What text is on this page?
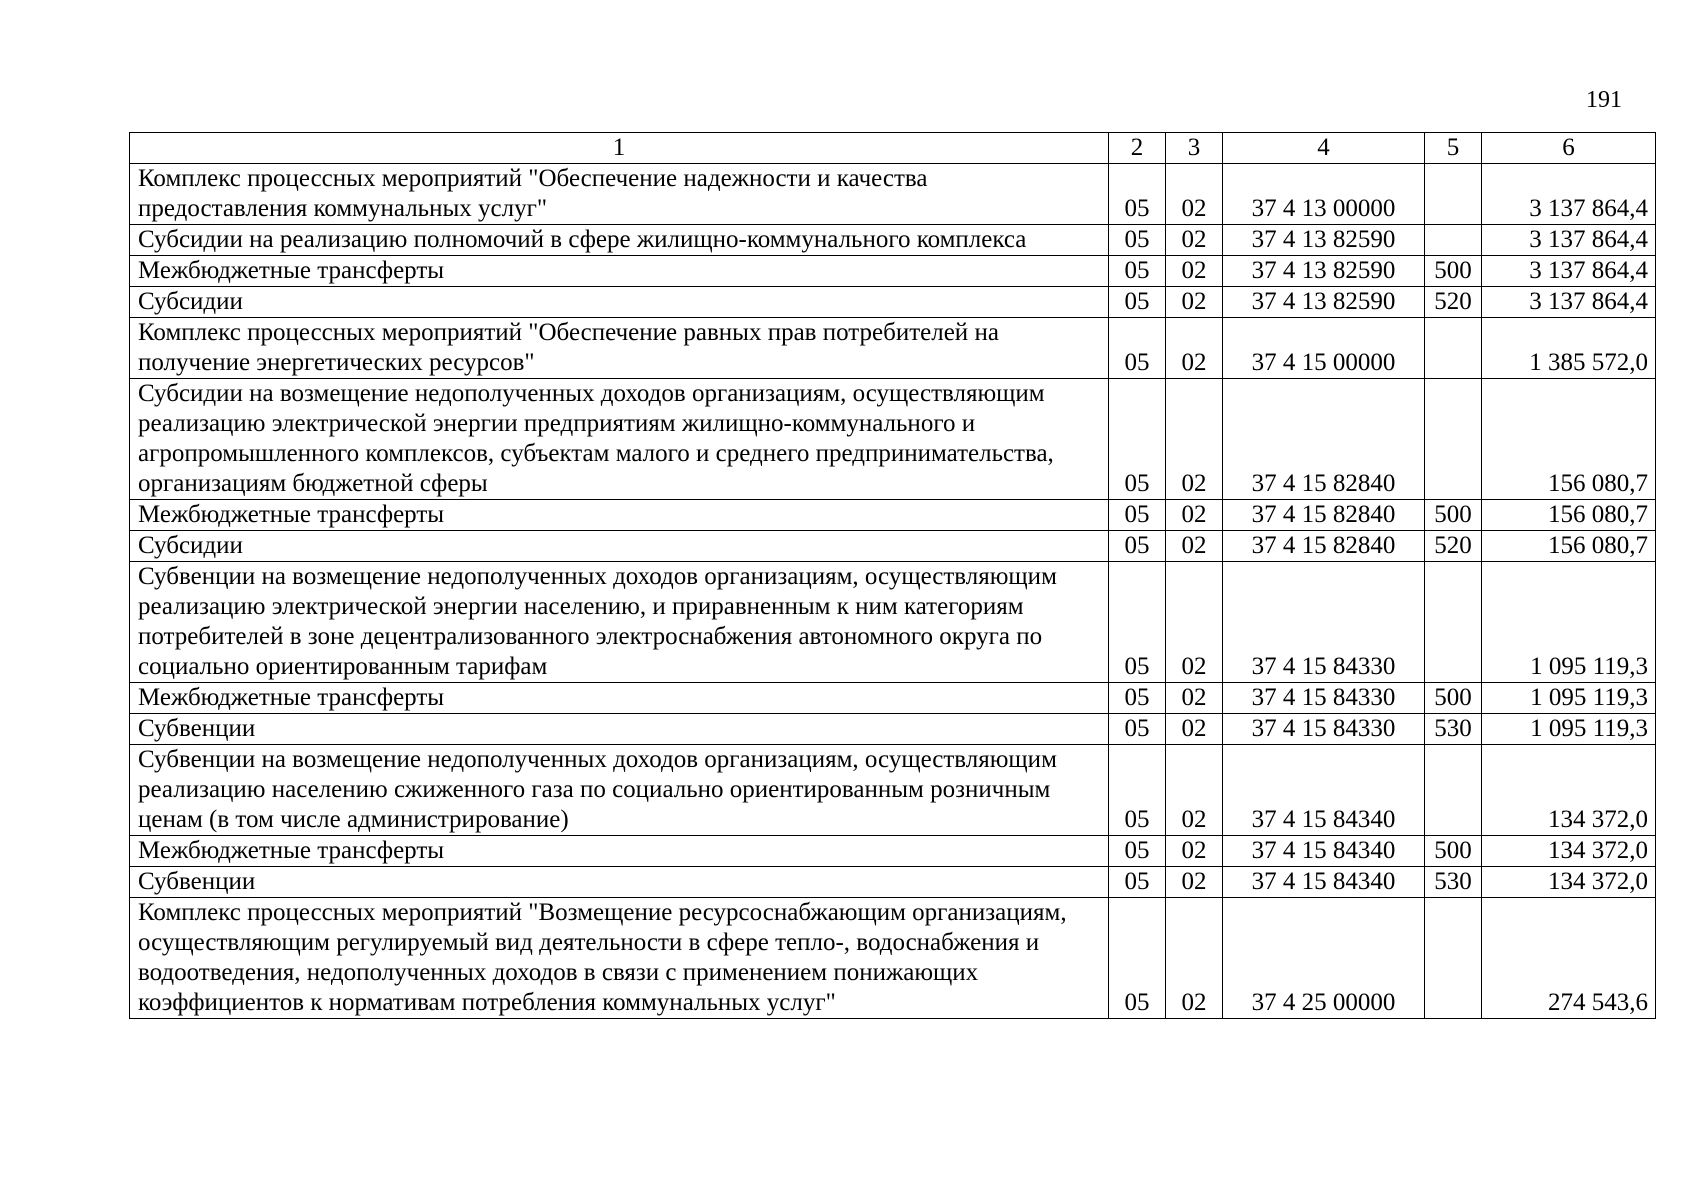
191
1	2	3	4	5	6
Комплекс процессных мероприятий "Обеспечение надежности и качества предоставления коммунальных услуг"	05	02	37 4 13 00000		3 137 864,4
Субсидии на реализацию полномочий в сфере жилищно-коммунального комплекса	05	02	37 4 13 82590		3 137 864,4
Межбюджетные трансферты	05	02	37 4 13 82590	500	3 137 864,4
Субсидии	05	02	37 4 13 82590	520	3 137 864,4
Комплекс процессных мероприятий "Обеспечение равных прав потребителей на получение энергетических ресурсов"	05	02	37 4 15 00000		1 385 572,0
Субсидии на возмещение недополученных доходов организациям, осуществляющим реализацию электрической энергии предприятиям жилищно-коммунального и агропромышленного комплексов, субъектам малого и среднего предпринимательства, организациям бюджетной сферы	05	02	37 4 15 82840		156 080,7
Межбюджетные трансферты	05	02	37 4 15 82840	500	156 080,7
Субсидии	05	02	37 4 15 82840	520	156 080,7
Субвенции на возмещение недополученных доходов организациям, осуществляющим реализацию электрической энергии населению, и приравненным к ним категориям потребителей в зоне децентрализованного электроснабжения автономного округа по социально ориентированным тарифам	05	02	37 4 15 84330		1 095 119,3
Межбюджетные трансферты	05	02	37 4 15 84330	500	1 095 119,3
Субвенции	05	02	37 4 15 84330	530	1 095 119,3
Субвенции на возмещение недополученных доходов организациям, осуществляющим реализацию населению сжиженного газа по социально ориентированным розничным ценам (в том числе администрирование)	05	02	37 4 15 84340		134 372,0
Межбюджетные трансферты	05	02	37 4 15 84340	500	134 372,0
Субвенции	05	02	37 4 15 84340	530	134 372,0
Комплекс процессных мероприятий "Возмещение ресурсоснабжающим организациям, осуществляющим регулируемый вид деятельности в сфере тепло-, водоснабжения и водоотведения, недополученных доходов в связи с применением понижающих коэффициентов к нормативам потребления коммунальных услуг"	05	02	37 4 25 00000		274 543,6
